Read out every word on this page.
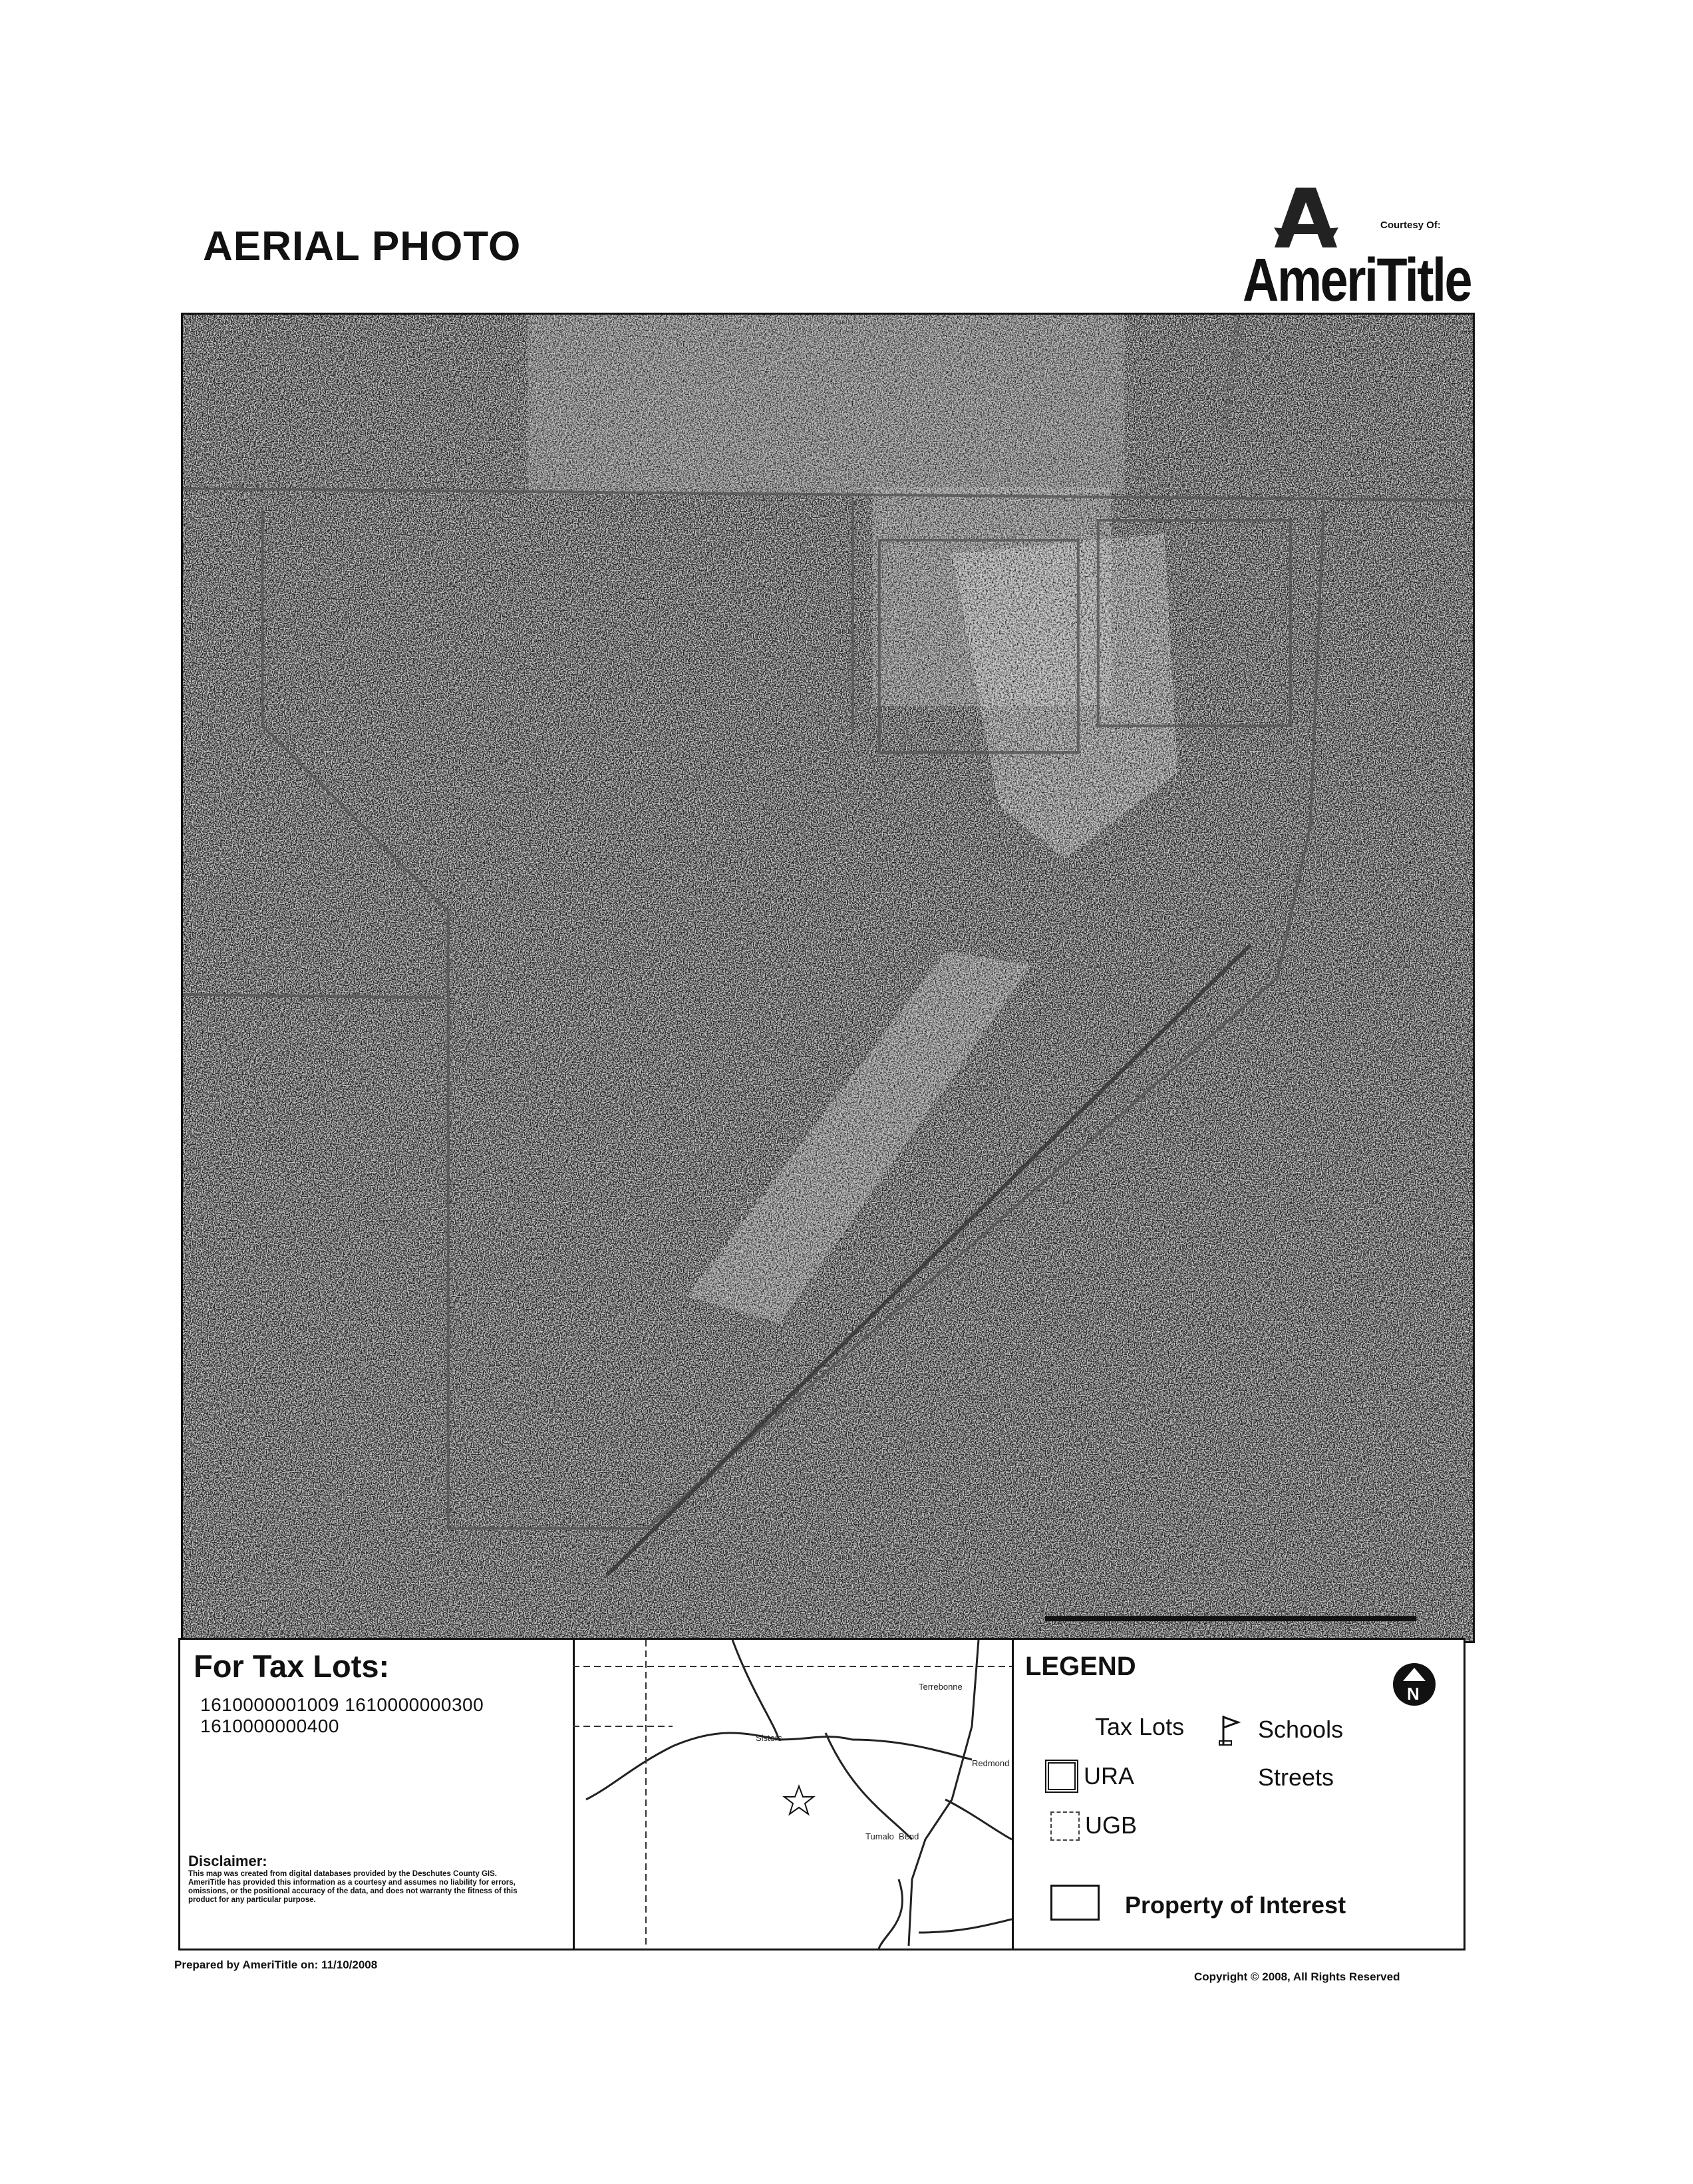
AERIAL PHOTO	Courtesy Of:
AmeriTitle
Lower Bridge Way
For Tax Lots:
1610000001009 1610000000300
1610000000400
Disclaimer:
This map was created from digital databases provided by the Deschutes County GIS. AmeriTitle has provided this information as a courtesy and assumes no liability for errors, omissions, or the positional accuracy of the data, and does not warranty the fitness of this product for any particular purpose.
Terrebonne
Sisters
Tumalo Bend
Redmond
LEGEND
N
Tax Lots	Schools
URA	Streets
UGB
Property of Interest
Prepared by AmeriTitle on: 11/10/2008
Copyright © 2008, All Rights Reserved
